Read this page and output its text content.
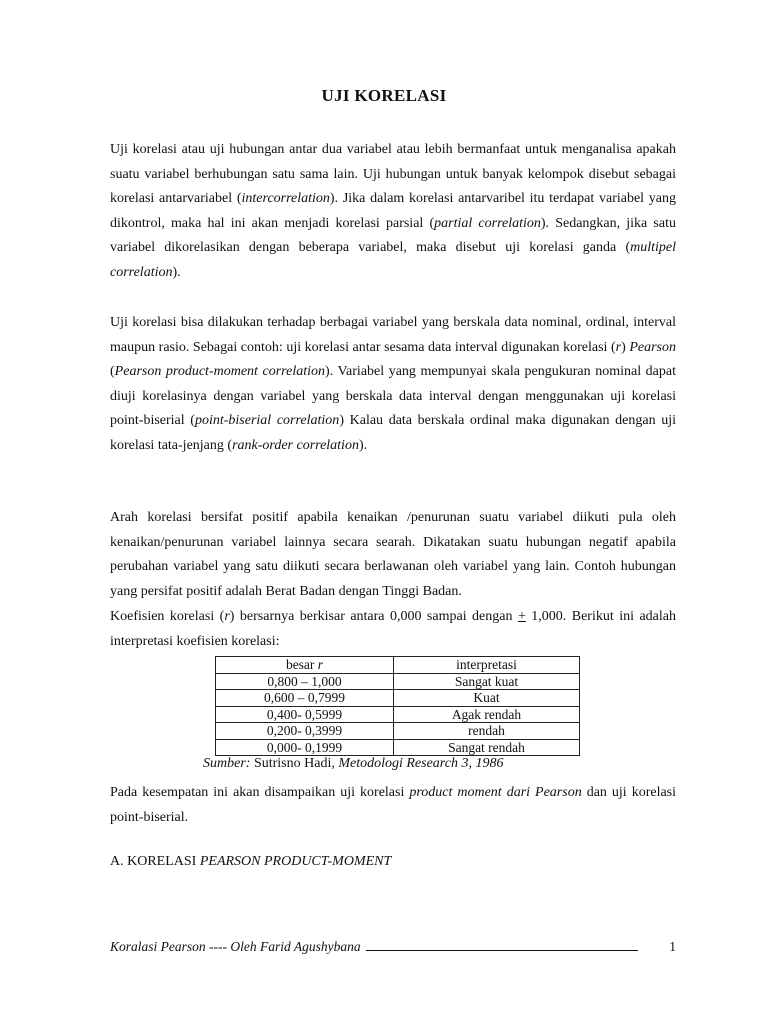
UJI KORELASI

Uji korelasi atau uji hubungan antar dua variabel atau lebih bermanfaat untuk menganalisa apakah suatu variabel berhubungan satu sama lain. Uji hubungan untuk banyak kelompok disebut sebagai korelasi antarvariabel (intercorrelation). Jika dalam korelasi antarvaribel itu terdapat variabel yang dikontrol, maka hal ini akan menjadi korelasi parsial (partial correlation). Sedangkan, jika satu variabel dikorelasikan dengan beberapa variabel, maka disebut uji korelasi ganda (multipel correlation).

Uji korelasi bisa dilakukan terhadap berbagai variabel yang berskala data nominal, ordinal, interval maupun rasio. Sebagai contoh: uji korelasi antar sesama data interval digunakan korelasi (r) Pearson (Pearson product-moment correlation). Variabel yang mempunyai skala pengukuran nominal dapat diuji korelasinya dengan variabel yang berskala data interval dengan menggunakan uji korelasi point-biserial (point-biserial correlation) Kalau data berskala ordinal maka digunakan dengan uji korelasi tata-jenjang (rank-order correlation).

Arah korelasi bersifat positif apabila kenaikan /penurunan suatu variabel diikuti pula oleh kenaikan/penurunan variabel lainnya secara searah. Dikatakan suatu hubungan negatif apabila perubahan variabel yang satu diikuti secara berlawanan oleh variabel yang lain. Contoh hubungan yang persifat positif adalah Berat Badan dengan Tinggi Badan.

Koefisien korelasi (r) bersarnya berkisar antara 0,000 sampai dengan + 1,000. Berikut ini adalah interpretasi koefisien korelasi:

besar r	interpretasi
0,800 – 1,000	Sangat kuat
0,600 – 0,7999	Kuat
0,400- 0,5999	Agak rendah
0,200- 0,3999	rendah
0,000- 0,1999	Sangat rendah

Sumber: Sutrisno Hadi, Metodologi Research 3, 1986

Pada kesempatan ini akan disampaikan uji korelasi product moment dari Pearson dan uji korelasi point-biserial.

A. KORELASI PEARSON PRODUCT-MOMENT

Koralasi Pearson ---- Oleh Farid Agushybana	1
